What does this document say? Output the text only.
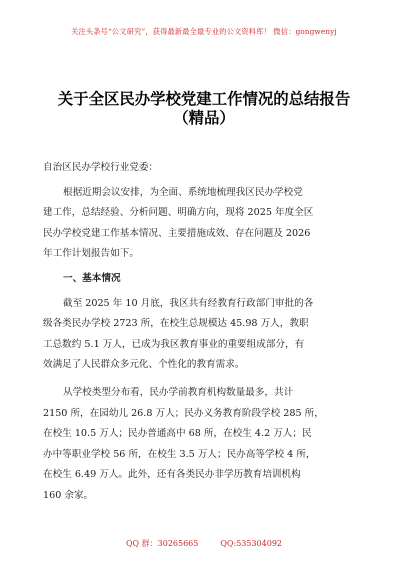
关注头条号“公文研究”，获得最新最全最专业的公文资料库！ 微信：gongwenyj
关于全区民办学校党建工作情况的总结报告
（精品）

自治区民办学校行业党委：

根据近期会议安排，为全面、系统地梳理我区民办学校党
建工作，总结经验、分析问题、明确方向，现将 2025 年度全区
民办学校党建工作基本情况、主要措施成效、存在问题及 2026
年工作计划报告如下。

一、基本情况

截至 2025 年 10 月底，我区共有经教育行政部门审批的各
级各类民办学校 2723 所，在校生总规模达 45.98 万人，教职
工总数约 5.1 万人，已成为我区教育事业的重要组成部分，有
效满足了人民群众多元化、个性化的教育需求。

从学校类型分布看，民办学前教育机构数量最多，共计
2150 所，在园幼儿 26.8 万人；民办义务教育阶段学校 285 所，
在校生 10.5 万人；民办普通高中 68 所，在校生 4.2 万人；民
办中等职业学校 56 所，在校生 3.5 万人；民办高等学校 4 所，
在校生 6.49 万人。此外，还有各类民办非学历教育培训机构
160 余家。

QQ 群：30265665	QQ:535304092
